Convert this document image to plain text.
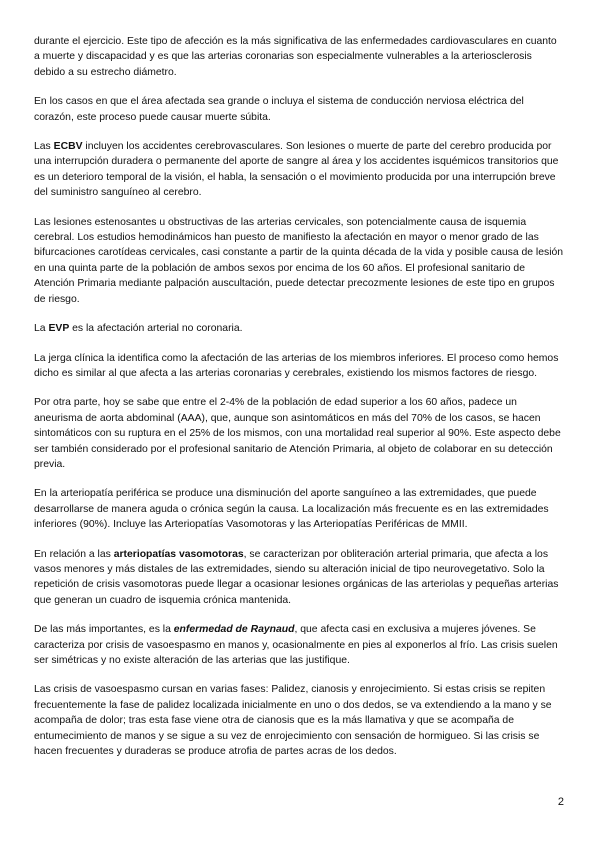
durante el ejercicio. Este tipo de afección es la más significativa de las enfermedades cardiovasculares en cuanto a muerte y discapacidad y es que las arterias coronarias son especialmente vulnerables a la arteriosclerosis debido a su estrecho diámetro.

En los casos en que el área afectada sea grande o incluya el sistema de conducción nerviosa eléctrica del corazón, este proceso puede causar muerte súbita.

Las ECBV incluyen los accidentes cerebrovasculares. Son lesiones o muerte de parte del cerebro producida por una interrupción duradera o permanente del aporte de sangre al área y los accidentes isquémicos transitorios que es un deterioro temporal de la visión, el habla, la sensación o el movimiento producida por una interrupción breve del suministro sanguíneo al cerebro.

Las lesiones estenosantes u obstructivas de las arterias cervicales, son potencialmente causa de isquemia cerebral. Los estudios hemodinámicos han puesto de manifiesto la afectación en mayor o menor grado de las bifurcaciones carotídeas cervicales, casi constante a partir de la quinta década de la vida y posible causa de lesión en una quinta parte de la población de ambos sexos por encima de los 60 años. El profesional sanitario de Atención Primaria mediante palpación auscultación, puede detectar precozmente lesiones de este tipo en grupos de riesgo.

La EVP es la afectación arterial no coronaria.

La jerga clínica la identifica como la afectación de las arterias de los miembros inferiores. El proceso como hemos dicho es similar al que afecta a las arterias coronarias y cerebrales, existiendo los mismos factores de riesgo.

Por otra parte, hoy se sabe que entre el 2-4% de la población de edad superior a los 60 años, padece un aneurisma de aorta abdominal (AAA), que, aunque son asintomáticos en más del 70% de los casos, se hacen sintomáticos con su ruptura en el 25% de los mismos, con una mortalidad real superior al 90%. Este aspecto debe ser también considerado por el profesional sanitario de Atención Primaria, al objeto de colaborar en su detección previa.

En la arteriopatía periférica se produce una disminución del aporte sanguíneo a las extremidades, que puede desarrollarse de manera aguda o crónica según la causa. La localización más frecuente es en las extremidades inferiores (90%). Incluye las Arteriopatías Vasomotoras y las Arteriopatías Periféricas de MMII.

En relación a las arteriopatías vasomotoras, se caracterizan por obliteración arterial primaria, que afecta a los vasos menores y más distales de las extremidades, siendo su alteración inicial de tipo neurovegetativo. Solo la repetición de crisis vasomotoras puede llegar a ocasionar lesiones orgánicas de las arteriolas y pequeñas arterias que generan un cuadro de isquemia crónica mantenida.

De las más importantes, es la enfermedad de Raynaud, que afecta casi en exclusiva a mujeres jóvenes. Se caracteriza por crisis de vasoespasmo en manos y, ocasionalmente en pies al exponerlos al frío. Las crisis suelen ser simétricas y no existe alteración de las arterias que las justifique.

Las crisis de vasoespasmo cursan en varias fases: Palidez, cianosis y enrojecimiento. Si estas crisis se repiten frecuentemente la fase de palidez localizada inicialmente en uno o dos dedos, se va extendiendo a la mano y se acompaña de dolor; tras esta fase viene otra de cianosis que es la más llamativa y que se acompaña de entumecimiento de manos y se sigue a su vez de enrojecimiento con sensación de hormigueo. Si las crisis se hacen frecuentes y duraderas se produce atrofia de partes acras de los dedos.

2
